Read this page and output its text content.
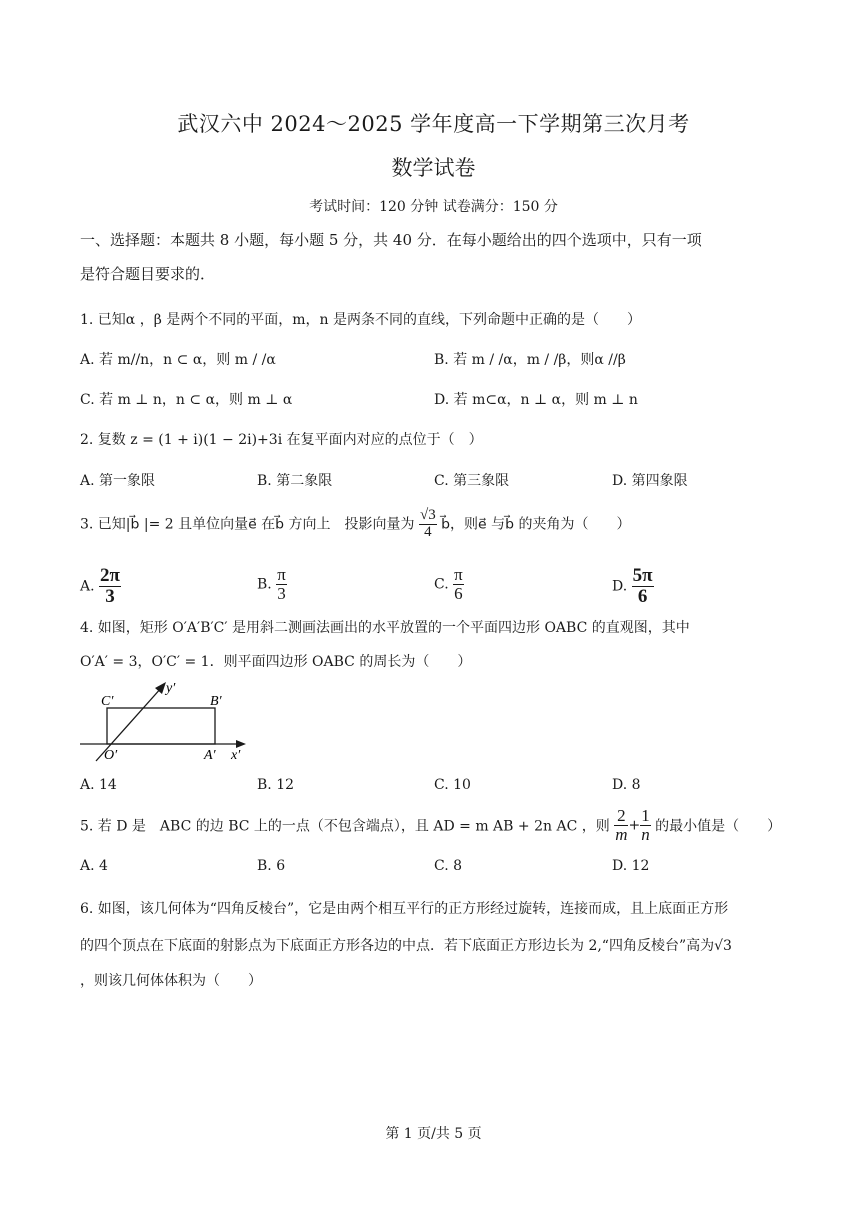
武汉六中 2024～2025 学年度高一下学期第三次月考
数学试卷
考试时间：120 分钟 试卷满分：150 分
一、选择题：本题共 8 小题，每小题 5 分，共 40 分．在每小题给出的四个选项中，只有一项
是符合题目要求的．
1. 已知α ，β 是两个不同的平面，m，n 是两条不同的直线，下列命题中正确的是（　　）
A. 若 m//n，n ⊂ α，则 m / /α	B. 若 m / /α，m / /β，则α //β
C. 若 m ⊥ n，n ⊂ α，则 m ⊥ α	D. 若 m⊂α，n ⊥ α，则 m ⊥ n
2. 复数 z = (1 + i)(1 − 2i)+3i 在复平面内对应的点位于（　）
A. 第一象限	B. 第二象限	C. 第三象限	D. 第四象限
3. 已知|b⃗ |= 2 且单位向量e⃗ 在b⃗ 方向上　投影向量为 $\frac{√3}{4}$ b⃗，则e⃗ 与b⃗ 的夹角为（　　）
A. $\frac{2\pi}{3}$	B. $\frac{\pi}{3}$	C. $\frac{\pi}{6}$	D. $\frac{5\pi}{6}$
4. 如图，矩形 O′A′B′C′ 是用斜二测画法画出的水平放置的一个平面四边形 OABC 的直观图，其中
O′A′ = 3，O′C′ = 1．则平面四边形 OABC 的周长为（　　）
C′	B′
O′	A′ x′
y′
A. 14	B. 12	C. 10	D. 8
5. 若 D 是　ABC 的边 BC 上的一点（不包含端点），且 AD = m AB + 2n AC ，则 $\frac{2}{m} + \frac{1}{n}$ 的最小值是（　　）
A. 4	B. 6	C. 8	D. 12
6. 如图，该几何体为“四角反棱台”，它是由两个相互平行的正方形经过旋转，连接而成，且上底面正方形
的四个顶点在下底面的射影点为下底面正方形各边的中点．若下底面正方形边长为 2,“四角反棱台”高为√3
，则该几何体体积为（　　）
第 1 页/共 5 页
